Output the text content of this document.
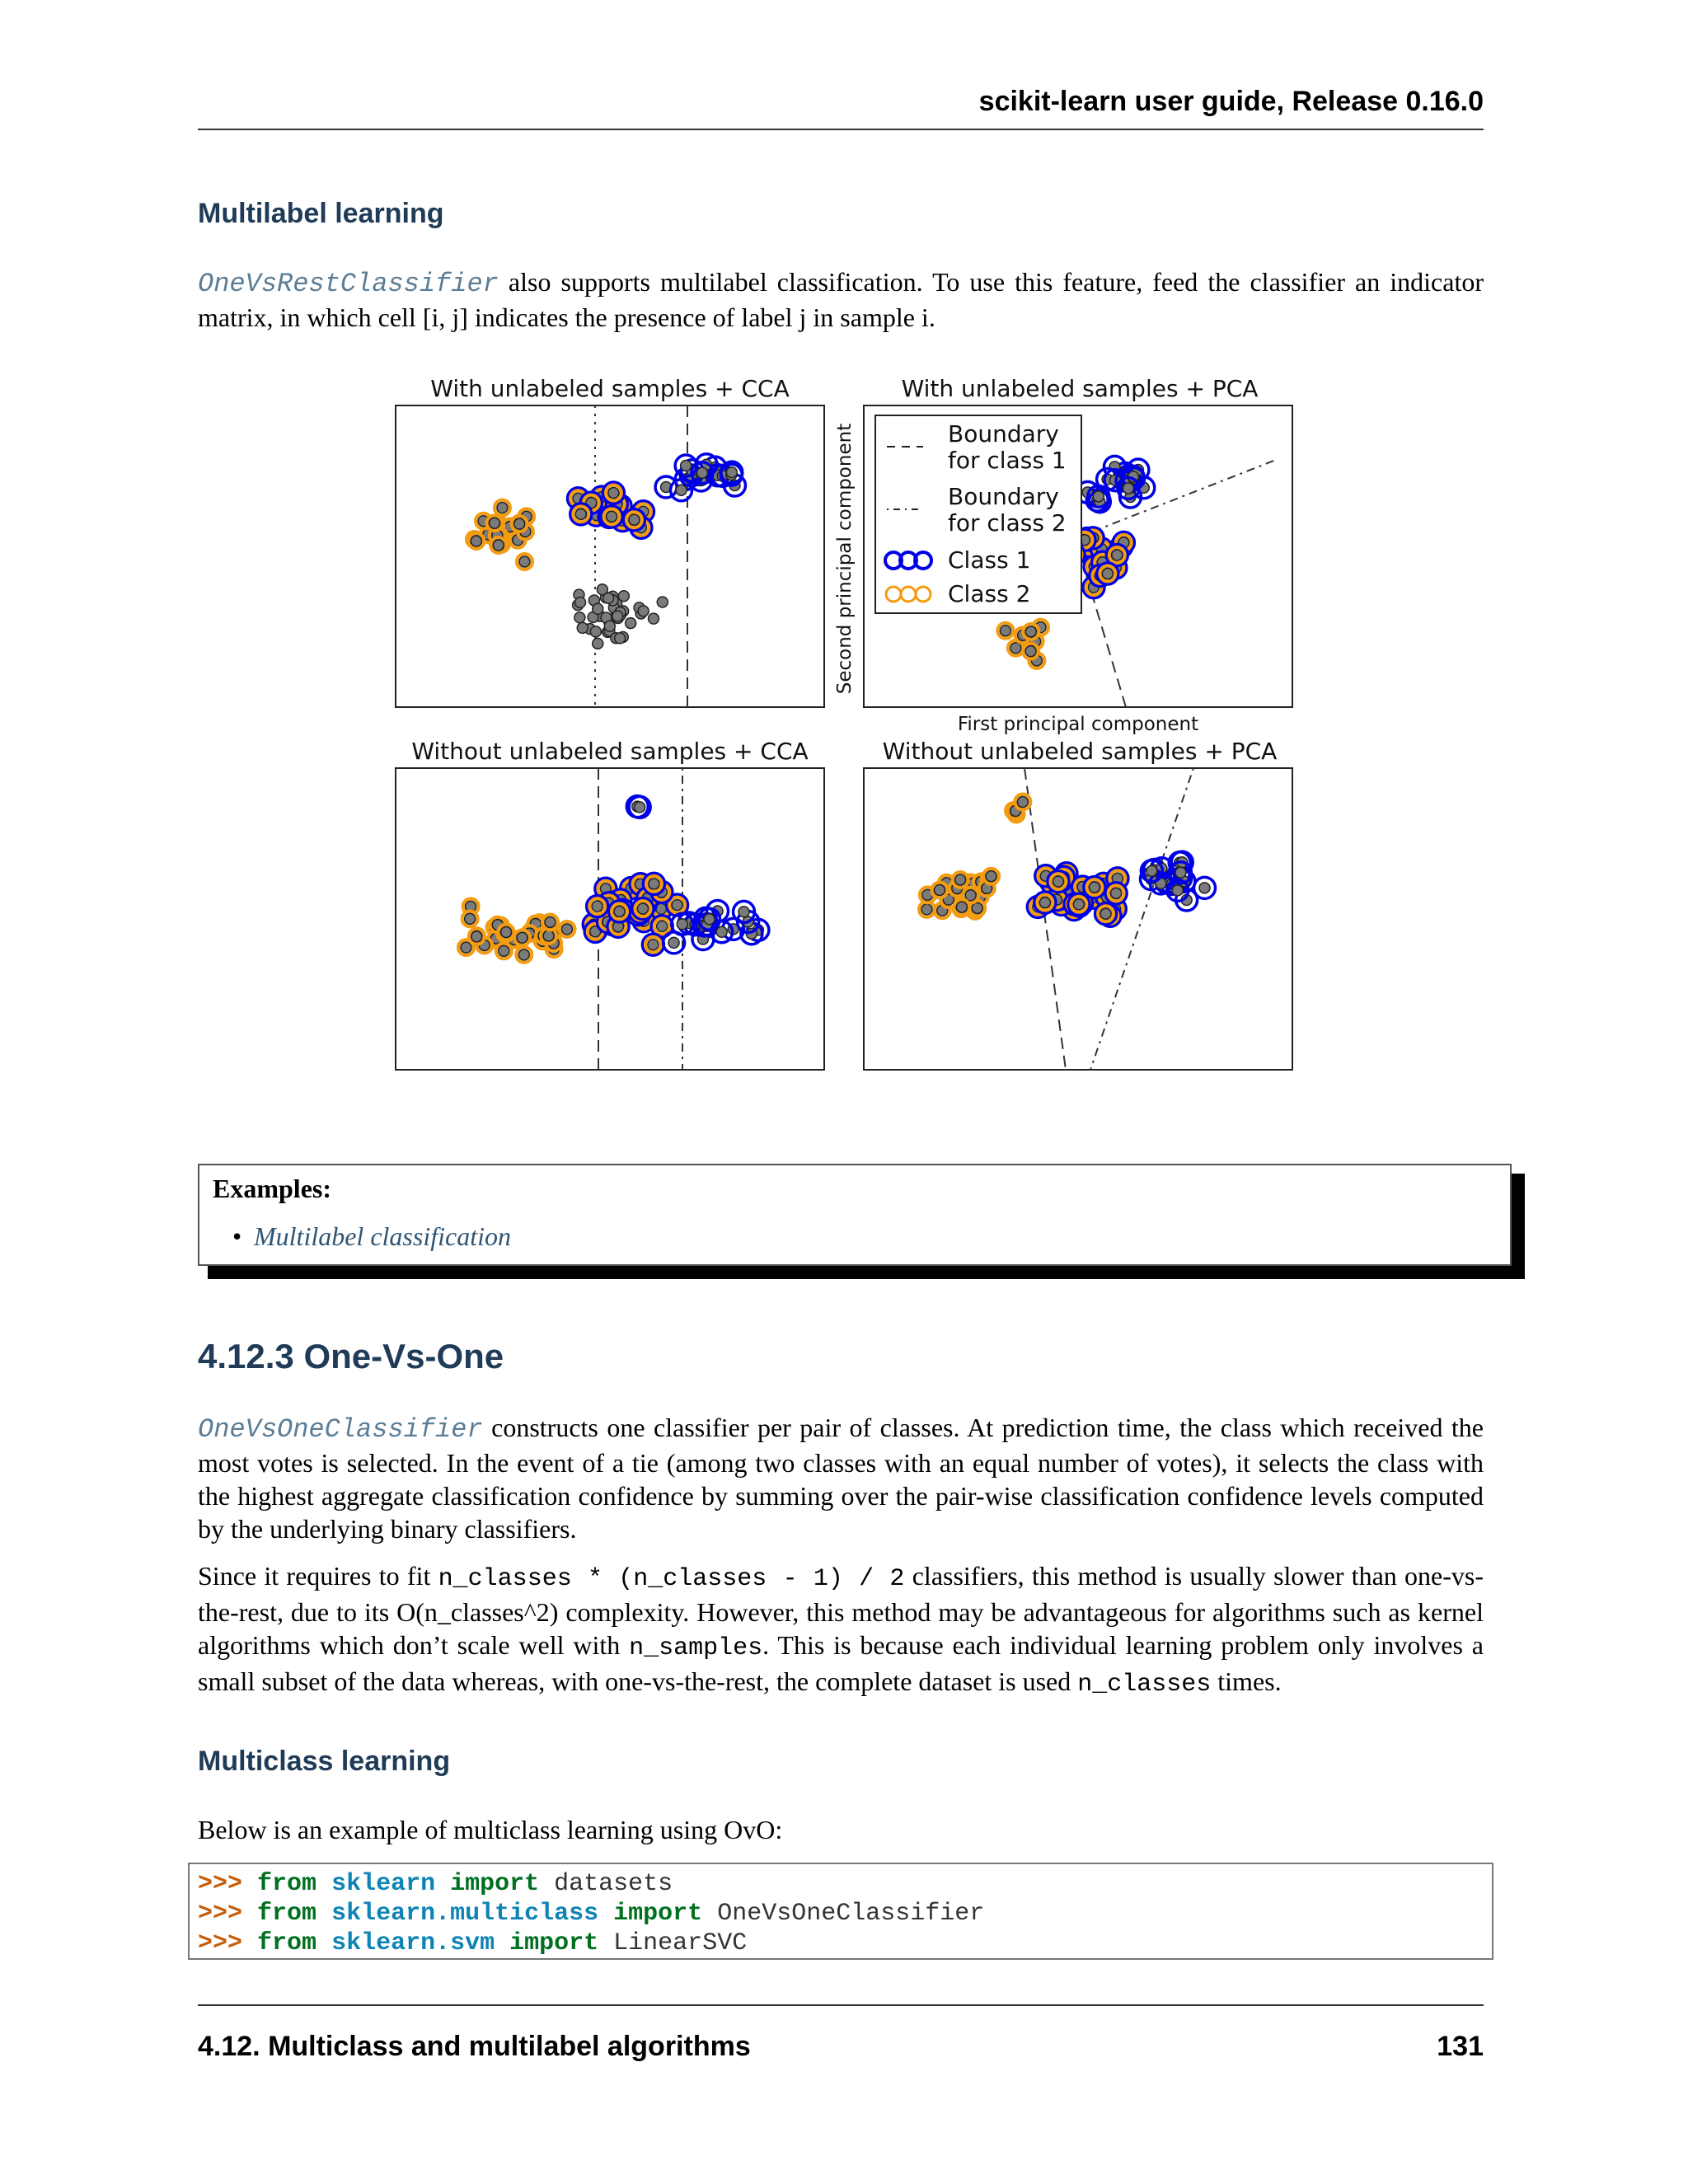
scikit-learn user guide, Release 0.16.0
Multilabel learning

OneVsRestClassifier also supports multilabel classification. To use this feature, feed the classifier an indicator matrix, in which cell [i, j] indicates the presence of label j in sample i.

With unlabeled samples + CCA	With unlabeled samples + PCA
Without unlabeled samples + CCA	Without unlabeled samples + PCA
Second principal component
First principal component
Boundary
for class 1
Boundary
for class 2
Class 1
Class 2
Examples:
• Multilabel classification
4.12.3 One-Vs-One

OneVsOneClassifier constructs one classifier per pair of classes. At prediction time, the class which received the most votes is selected. In the event of a tie (among two classes with an equal number of votes), it selects the class with the highest aggregate classification confidence by summing over the pair-wise classification confidence levels computed by the underlying binary classifiers.

Since it requires to fit n_classes * (n_classes - 1) / 2 classifiers, this method is usually slower than one-vs-the-rest, due to its O(n_classes^2) complexity. However, this method may be advantageous for algorithms such as kernel algorithms which don’t scale well with n_samples. This is because each individual learning problem only involves a small subset of the data whereas, with one-vs-the-rest, the complete dataset is used n_classes times.

Multiclass learning

Below is an example of multiclass learning using OvO:

>>> from sklearn import datasets
>>> from sklearn.multiclass import OneVsOneClassifier
>>> from sklearn.svm import LinearSVC
4.12. Multiclass and multilabel algorithms	131
